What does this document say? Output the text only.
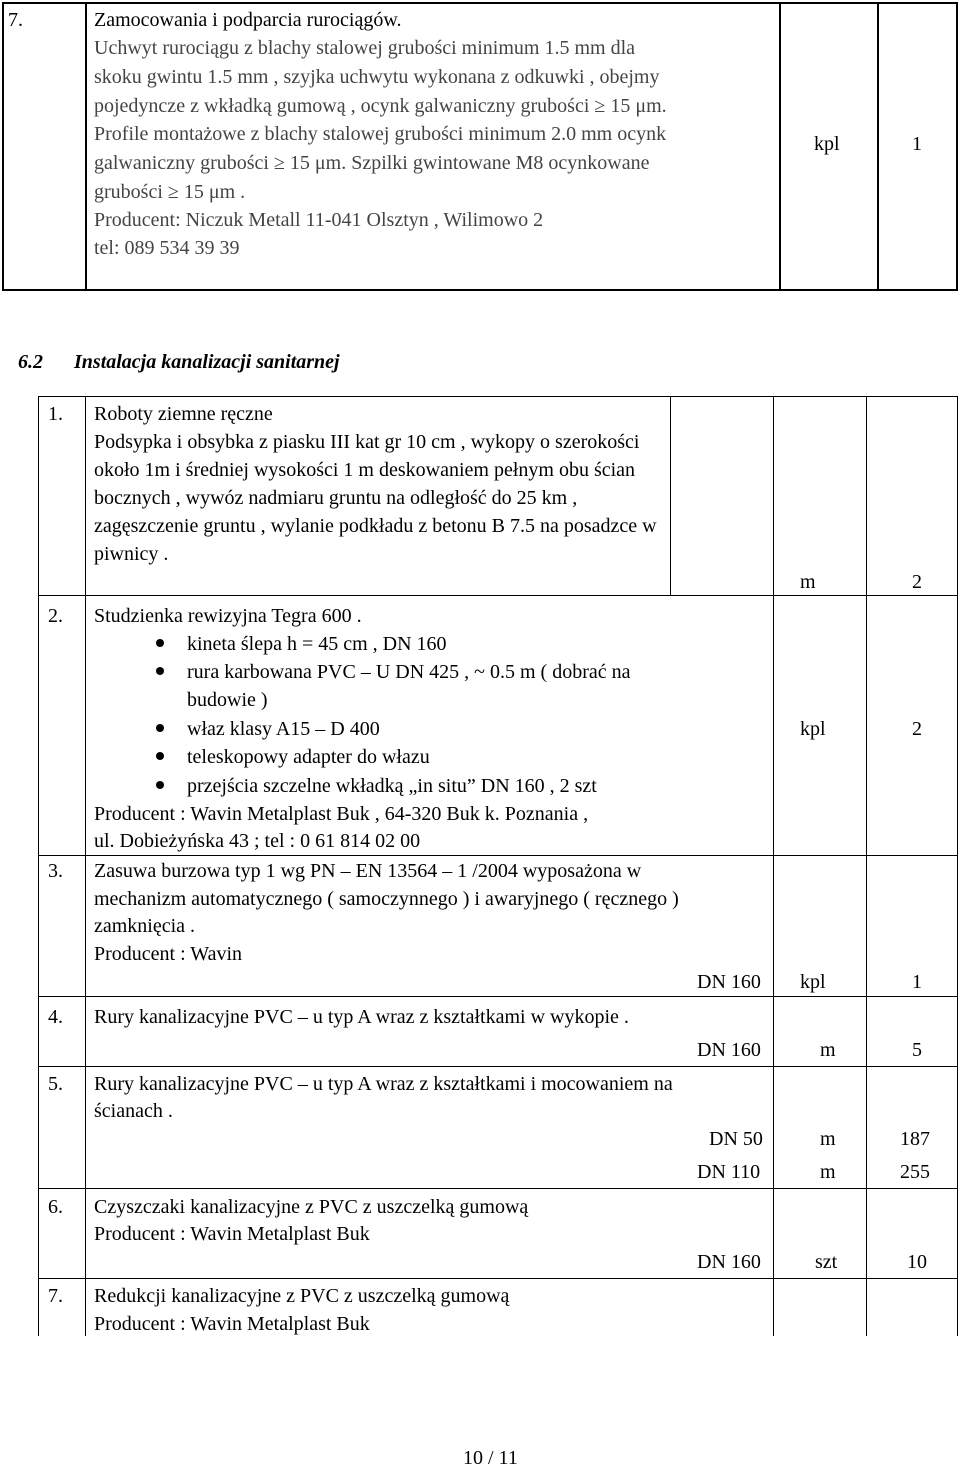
7.	Zamocowania i podparcia rurociągów.
Uchwyt rurociągu z blachy stalowej grubości minimum 1.5 mm dla
skoku gwintu 1.5 mm , szyjka uchwytu wykonana z odkuwki , obejmy
pojedyncze z wkładką gumową , ocynk galwaniczny grubości ≥ 15 μm.
Profile montażowe z blachy stalowej grubości minimum 2.0 mm ocynk
galwaniczny grubości ≥ 15 μm. Szpilki gwintowane M8 ocynkowane
grubości ≥ 15 μm .
Producent: Niczuk Metall 11-041 Olsztyn , Wilimowo 2
tel: 089 534 39 39
kpl	1
6.2 Instalacja kanalizacji sanitarnej
1. Roboty ziemne ręczne
Podsypka i obsybka z piasku III kat gr 10 cm , wykopy o szerokości
około 1m i średniej wysokości 1 m deskowaniem pełnym obu ścian
bocznych , wywóz nadmiaru gruntu na odległość do 25 km ,
zagęszczenie gruntu , wylanie podkładu z betonu B 7.5 na posadzce w
piwnicy .
m	2
2. Studzienka rewizyjna Tegra 600 .
kineta ślepa h = 45 cm , DN 160
rura karbowana PVC – U DN 425 , ~ 0.5 m ( dobrać na
budowie )
właz klasy A15 – D 400
teleskopowy adapter do włazu
przejścia szczelne wkładką „in situ” DN 160 , 2 szt
Producent : Wavin Metalplast Buk , 64-320 Buk k. Poznania ,
ul. Dobieżyńska 43 ; tel : 0 61 814 02 00
kpl	2
3. Zasuwa burzowa typ 1 wg PN – EN 13564 – 1 /2004 wyposażona w
mechanizm automatycznego ( samoczynnego ) i awaryjnego ( ręcznego )
zamknięcia .
Producent : Wavin
DN 160 kpl	1
4. Rury kanalizacyjne PVC – u typ A wraz z kształtkami w wykopie .
DN 160	m	5
5. Rury kanalizacyjne PVC – u typ A wraz z kształtkami i mocowaniem na
ścianach .
DN 50	m	187
DN 110	m	255
6. Czyszczaki kanalizacyjne z PVC z uszczelką gumową
Producent : Wavin Metalplast Buk
DN 160	szt	10
7. Redukcji kanalizacyjne z PVC z uszczelką gumową
Producent : Wavin Metalplast Buk
10 / 11
